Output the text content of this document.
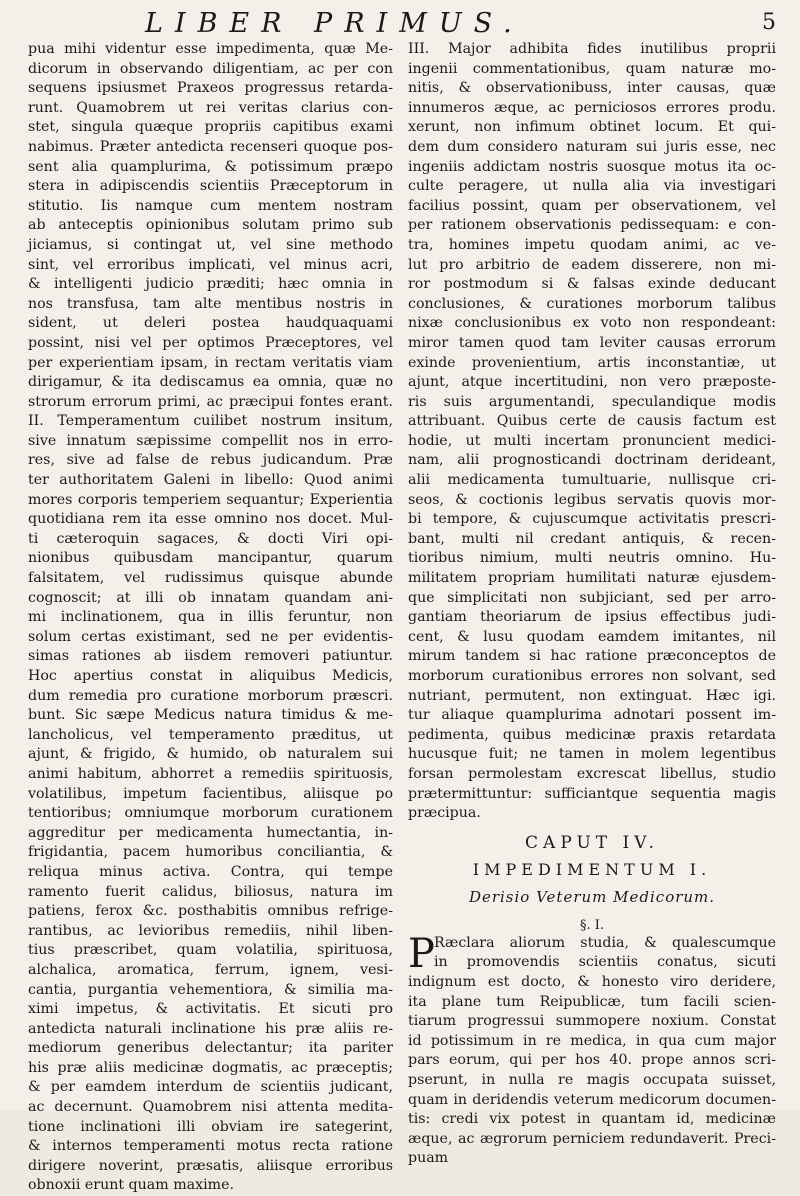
LIBER PRIMUS.	5
pua mihi videntur esse impedimenta, quæ Me-
dicorum in observando diligentiam, ac per con
sequens ipsiusmet Praxeos progressus retarda-
runt. Quamobrem ut rei veritas clarius con-
stet, singula quæque propriis capitibus exami
nabimus. Præter antedicta recenseri quoque pos-
sent alia quamplurima, & potissimum præpo
stera in adipiscendis scientiis Præceptorum in
stitutio. Iis namque cum mentem nostram
ab anteceptis opinionibus solutam primo sub
jiciamus, si contingat ut, vel sine methodo
sint, vel erroribus implicati, vel minus acri,
& intelligenti judicio præditi; hæc omnia in
nos transfusa, tam alte mentibus nostris in
sident, ut deleri postea haudquaquami
possint, nisi vel per optimos Præceptores, vel
per experientiam ipsam, in rectam veritatis viam
dirigamur, & ita dediscamus ea omnia, quæ no
strorum errorum primi, ac præcipui fontes erant.
II. Temperamentum cuilibet nostrum insitum,
sive innatum sæpissime compellit nos in erro-
res, sive ad false de rebus judicandum. Præ
ter authoritatem Galeni in libello: Quod animi
mores corporis temperiem sequantur; Experientia
quotidiana rem ita esse omnino nos docet. Mul-
ti cæteroquin sagaces, & docti Viri opi-
nionibus quibusdam mancipantur, quarum
falsitatem, vel rudissimus quisque abunde
cognoscit; at illi ob innatam quandam ani-
mi inclinationem, qua in illis feruntur, non
solum certas existimant, sed ne per evidentis-
simas rationes ab iisdem removeri patiuntur.
Hoc apertius constat in aliquibus Medicis,
dum remedia pro curatione morborum præscri.
bunt. Sic sæpe Medicus natura timidus & me-
lancholicus, vel temperamento præditus, ut
ajunt, & frigido, & humido, ob naturalem sui
animi habitum, abhorret a remediis spirituosis,
volatilibus, impetum facientibus, aliisque po
tentioribus; omniumque morborum curationem
aggreditur per medicamenta humectantia, in-
frigidantia, pacem humoribus conciliantia, &
reliqua minus activa. Contra, qui tempe
ramento fuerit calidus, biliosus, natura im
patiens, ferox &c. posthabitis omnibus refrige-
rantibus, ac levioribus remediis, nihil liben-
tius præscribet, quam volatilia, spirituosa,
alchalica, aromatica, ferrum, ignem, vesi-
cantia, purgantia vehementiora, & similia ma-
ximi impetus, & activitatis. Et sicuti pro
antedicta naturali inclinatione his præ aliis re-
mediorum generibus delectantur; ita pariter
his præ aliis medicinæ dogmatis, ac præceptis;
& per eamdem interdum de scientiis judicant,
ac decernunt. Quamobrem nisi attenta medita-
tione inclinationi illi obviam ire sategerint,
& internos temperamenti motus recta ratione
dirigere noverint, præsatis, aliisque erroribus
obnoxii erunt quam maxime.
III. Major adhibita fides inutilibus proprii
ingenii commentationibus, quam naturæ mo-
nitis, & observationibuss, inter causas, quæ
innumeros æque, ac perniciosos errores produ.
xerunt, non infimum obtinet locum. Et qui-
dem dum considero naturam sui juris esse, nec
ingeniis addictam nostris suosque motus ita oc-
culte peragere, ut nulla alia via investigari
facilius possint, quam per observationem, vel
per rationem observationis pedissequam: e con-
tra, homines impetu quodam animi, ac ve-
lut pro arbitrio de eadem disserere, non mi-
ror postmodum si & falsas exinde deducant
conclusiones, & curationes morborum talibus
nixæ conclusionibus ex voto non respondeant:
miror tamen quod tam leviter causas errorum
exinde provenientium, artis inconstantiæ, ut
ajunt, atque incertitudini, non vero præposte-
ris suis argumentandi, speculandique modis
attribuant. Quibus certe de causis factum est
hodie, ut multi incertam pronuncient medici-
nam, alii prognosticandi doctrinam derideant,
alii medicamenta tumultuarie, nullisque cri-
seos, & coctionis legibus servatis quovis mor-
bi tempore, & cujuscumque activitatis prescri-
bant, multi nil credant antiquis, & recen-
tioribus nimium, multi neutris omnino. Hu-
militatem propriam humilitati naturæ ejusdem-
que simplicitati non subjiciant, sed per arro-
gantiam theoriarum de ipsius effectibus judi-
cent, & lusu quodam eamdem imitantes, nil
mirum tandem si hac ratione præconceptos de
morborum curationibus errores non solvant, sed
nutriant, permutent, non extinguat. Hæc igi.
tur aliaque quamplurima adnotari possent im-
pedimenta, quibus medicinæ praxis retardata
hucusque fuit; ne tamen in molem legentibus
forsan permolestam excrescat libellus, studio
prætermittuntur: sufficiantque sequentia magis
præcipua.
CAPUT IV.
IMPEDIMENTUM I.
Derisio Veterum Medicorum.
§. I.
P Ræclara aliorum studia, & qualescumque
in promovendis scientiis conatus, sicuti
indignum est docto, & honesto viro deridere,
ita plane tum Reipublicæ, tum facili scien-
tiarum progressui summopere noxium. Constat
id potissimum in re medica, in qua cum major
pars eorum, qui per hos 40. prope annos scri-
pserunt, in nulla re magis occupata suisset,
quam in deridendis veterum medicorum documen-
tis: credi vix potest in quantam id, medicinæ
æque, ac ægrorum perniciem redundaverit. Preci-
puam
